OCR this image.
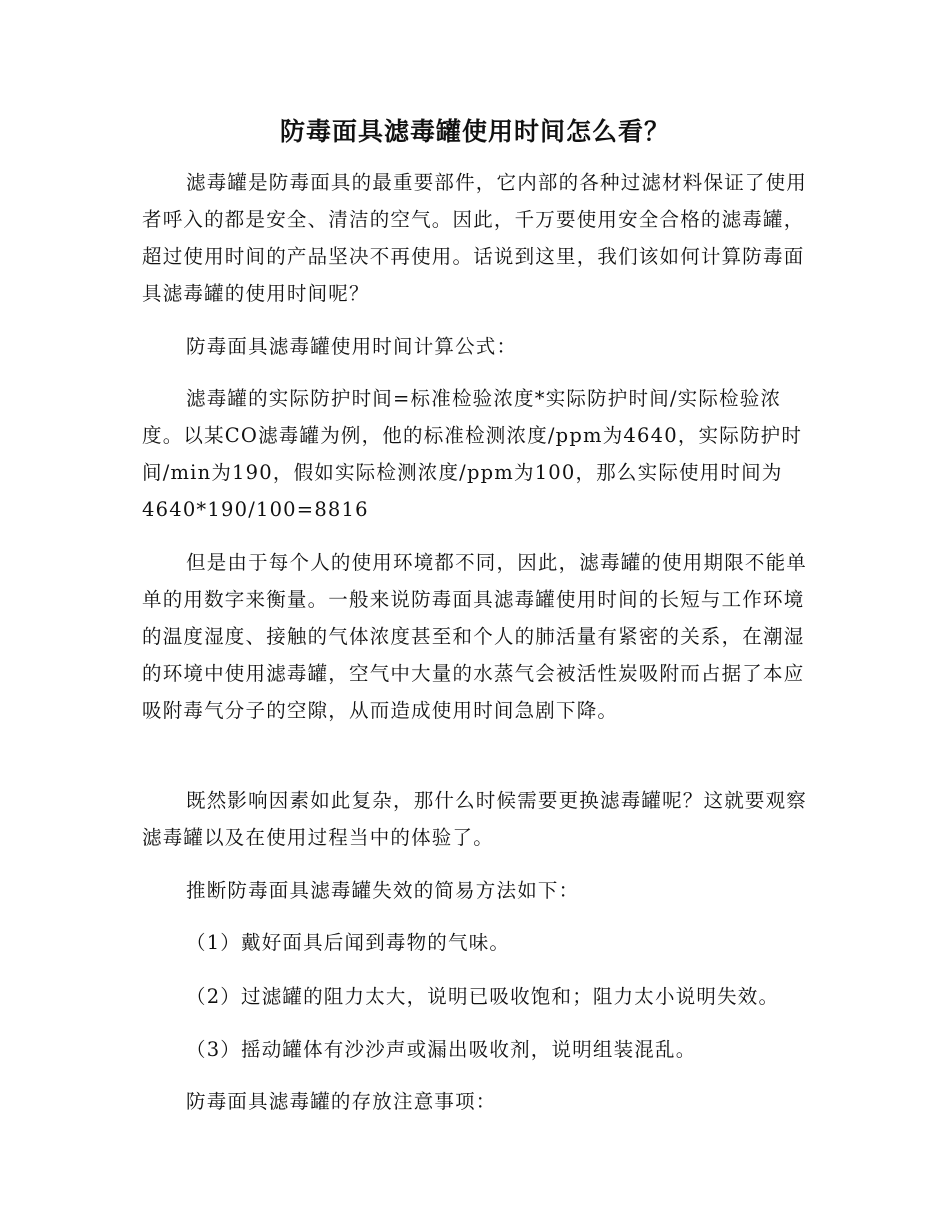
防毒面具滤毒罐使用时间怎么看？

滤毒罐是防毒面具的最重要部件，它内部的各种过滤材料保证了使用者呼入的都是安全、清洁的空气。因此，千万要使用安全合格的滤毒罐，超过使用时间的产品坚决不再使用。话说到这里，我们该如何计算防毒面具滤毒罐的使用时间呢？

防毒面具滤毒罐使用时间计算公式：

滤毒罐的实际防护时间=标准检验浓度*实际防护时间/实际检验浓度。以某CO滤毒罐为例，他的标准检测浓度/ppm为4640，实际防护时间/min为190，假如实际检测浓度/ppm为100，那么实际使用时间为4640*190/100=8816

但是由于每个人的使用环境都不同，因此，滤毒罐的使用期限不能单单的用数字来衡量。一般来说防毒面具滤毒罐使用时间的长短与工作环境的温度湿度、接触的气体浓度甚至和个人的肺活量有紧密的关系，在潮湿的环境中使用滤毒罐，空气中大量的水蒸气会被活性炭吸附而占据了本应吸附毒气分子的空隙，从而造成使用时间急剧下降。

既然影响因素如此复杂，那什么时候需要更换滤毒罐呢？这就要观察滤毒罐以及在使用过程当中的体验了。

推断防毒面具滤毒罐失效的简易方法如下：

（1）戴好面具后闻到毒物的气味。

（2）过滤罐的阻力太大，说明已吸收饱和；阻力太小说明失效。

（3）摇动罐体有沙沙声或漏出吸收剂，说明组装混乱。

防毒面具滤毒罐的存放注意事项：
